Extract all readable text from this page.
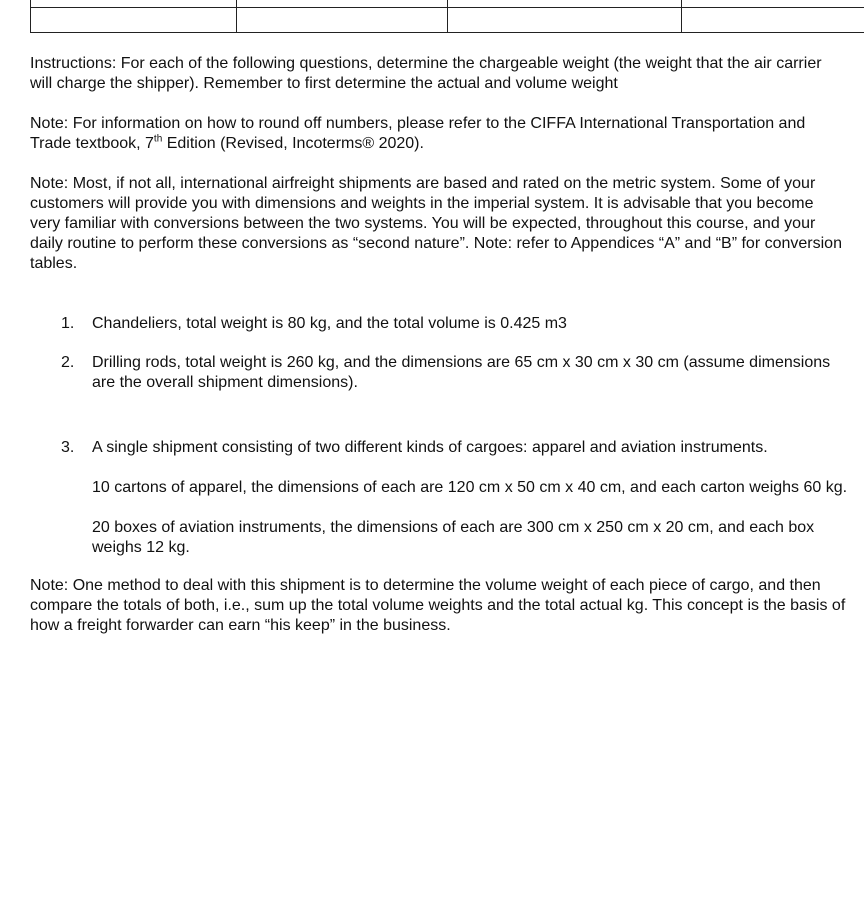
Instructions: For each of the following questions, determine the chargeable weight (the weight that the air carrier will charge the shipper). Remember to first determine the actual and volume weight

Note: For information on how to round off numbers, please refer to the CIFFA International Transportation and Trade textbook, 7th Edition (Revised, Incoterms® 2020).

Note: Most, if not all, international airfreight shipments are based and rated on the metric system. Some of your customers will provide you with dimensions and weights in the imperial system. It is advisable that you become very familiar with conversions between the two systems. You will be expected, throughout this course, and your daily routine to perform these conversions as “second nature”. Note: refer to Appendices “A” and “B” for conversion tables.

1. Chandeliers, total weight is 80 kg, and the total volume is 0.425 m3
2. Drilling rods, total weight is 260 kg, and the dimensions are 65 cm x 30 cm x 30 cm (assume dimensions are the overall shipment dimensions).
3. A single shipment consisting of two different kinds of cargoes: apparel and aviation instruments.

10 cartons of apparel, the dimensions of each are 120 cm x 50 cm x 40 cm, and each carton weighs 60 kg.

20 boxes of aviation instruments, the dimensions of each are 300 cm x 250 cm x 20 cm, and each box weighs 12 kg.

Note: One method to deal with this shipment is to determine the volume weight of each piece of cargo, and then compare the totals of both, i.e., sum up the total volume weights and the total actual kg. This concept is the basis of how a freight forwarder can earn “his keep” in the business.
